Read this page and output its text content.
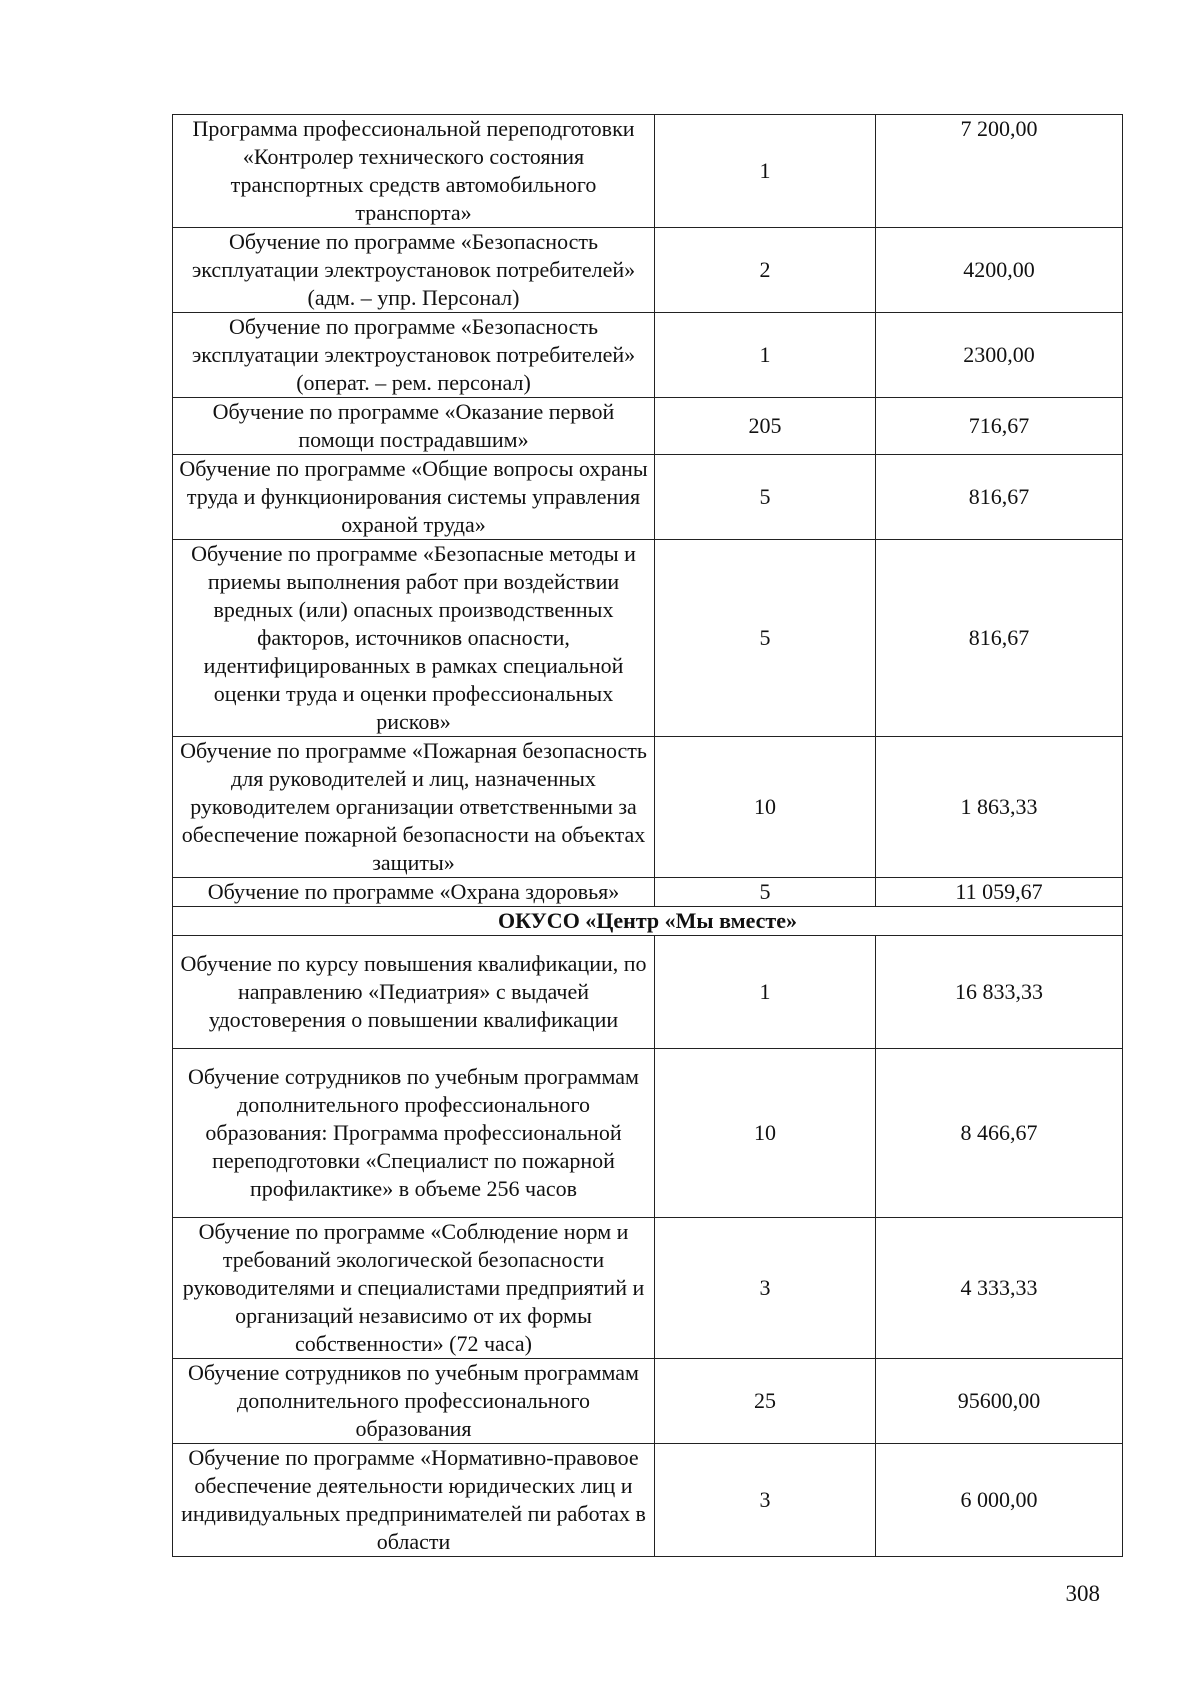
Программа профессиональной переподготовки «Контролер технического состояния транспортных средств автомобильного транспорта»	1	7 200,00
Обучение по программе «Безопасность эксплуатации электроустановок потребителей» (адм. – упр. Персонал)	2	4200,00
Обучение по программе «Безопасность эксплуатации электроустановок потребителей» (операт. – рем. персонал)	1	2300,00
Обучение по программе «Оказание первой помощи пострадавшим»	205	716,67
Обучение по программе «Общие вопросы охраны труда и функционирования системы управления охраной труда»	5	816,67
Обучение по программе «Безопасные методы и приемы выполнения работ при воздействии вредных (или) опасных производственных факторов, источников опасности, идентифицированных в рамках специальной оценки труда и оценки профессиональных рисков»	5	816,67
Обучение по программе «Пожарная безопасность для руководителей и лиц, назначенных руководителем организации ответственными за обеспечение пожарной безопасности на объектах защиты»	10	1 863,33
Обучение по программе «Охрана здоровья»	5	11 059,67
ОКУСО «Центр «Мы вместе»		
Обучение по курсу повышения квалификации, по направлению «Педиатрия» с выдачей удостоверения о повышении квалификации	1	16 833,33
Обучение сотрудников по учебным программам дополнительного профессионального образования: Программа профессиональной переподготовки «Специалист по пожарной профилактике» в объеме 256 часов	10	8 466,67
Обучение по программе «Соблюдение норм и требований экологической безопасности руководителями и специалистами предприятий и организаций независимо от их формы собственности» (72 часа)	3	4 333,33
Обучение сотрудников по учебным программам дополнительного профессионального образования	25	95600,00
Обучение по программе «Нормативно-правовое обеспечение деятельности юридических лиц и индивидуальных предпринимателей пи работах в области	3	6 000,00
308
